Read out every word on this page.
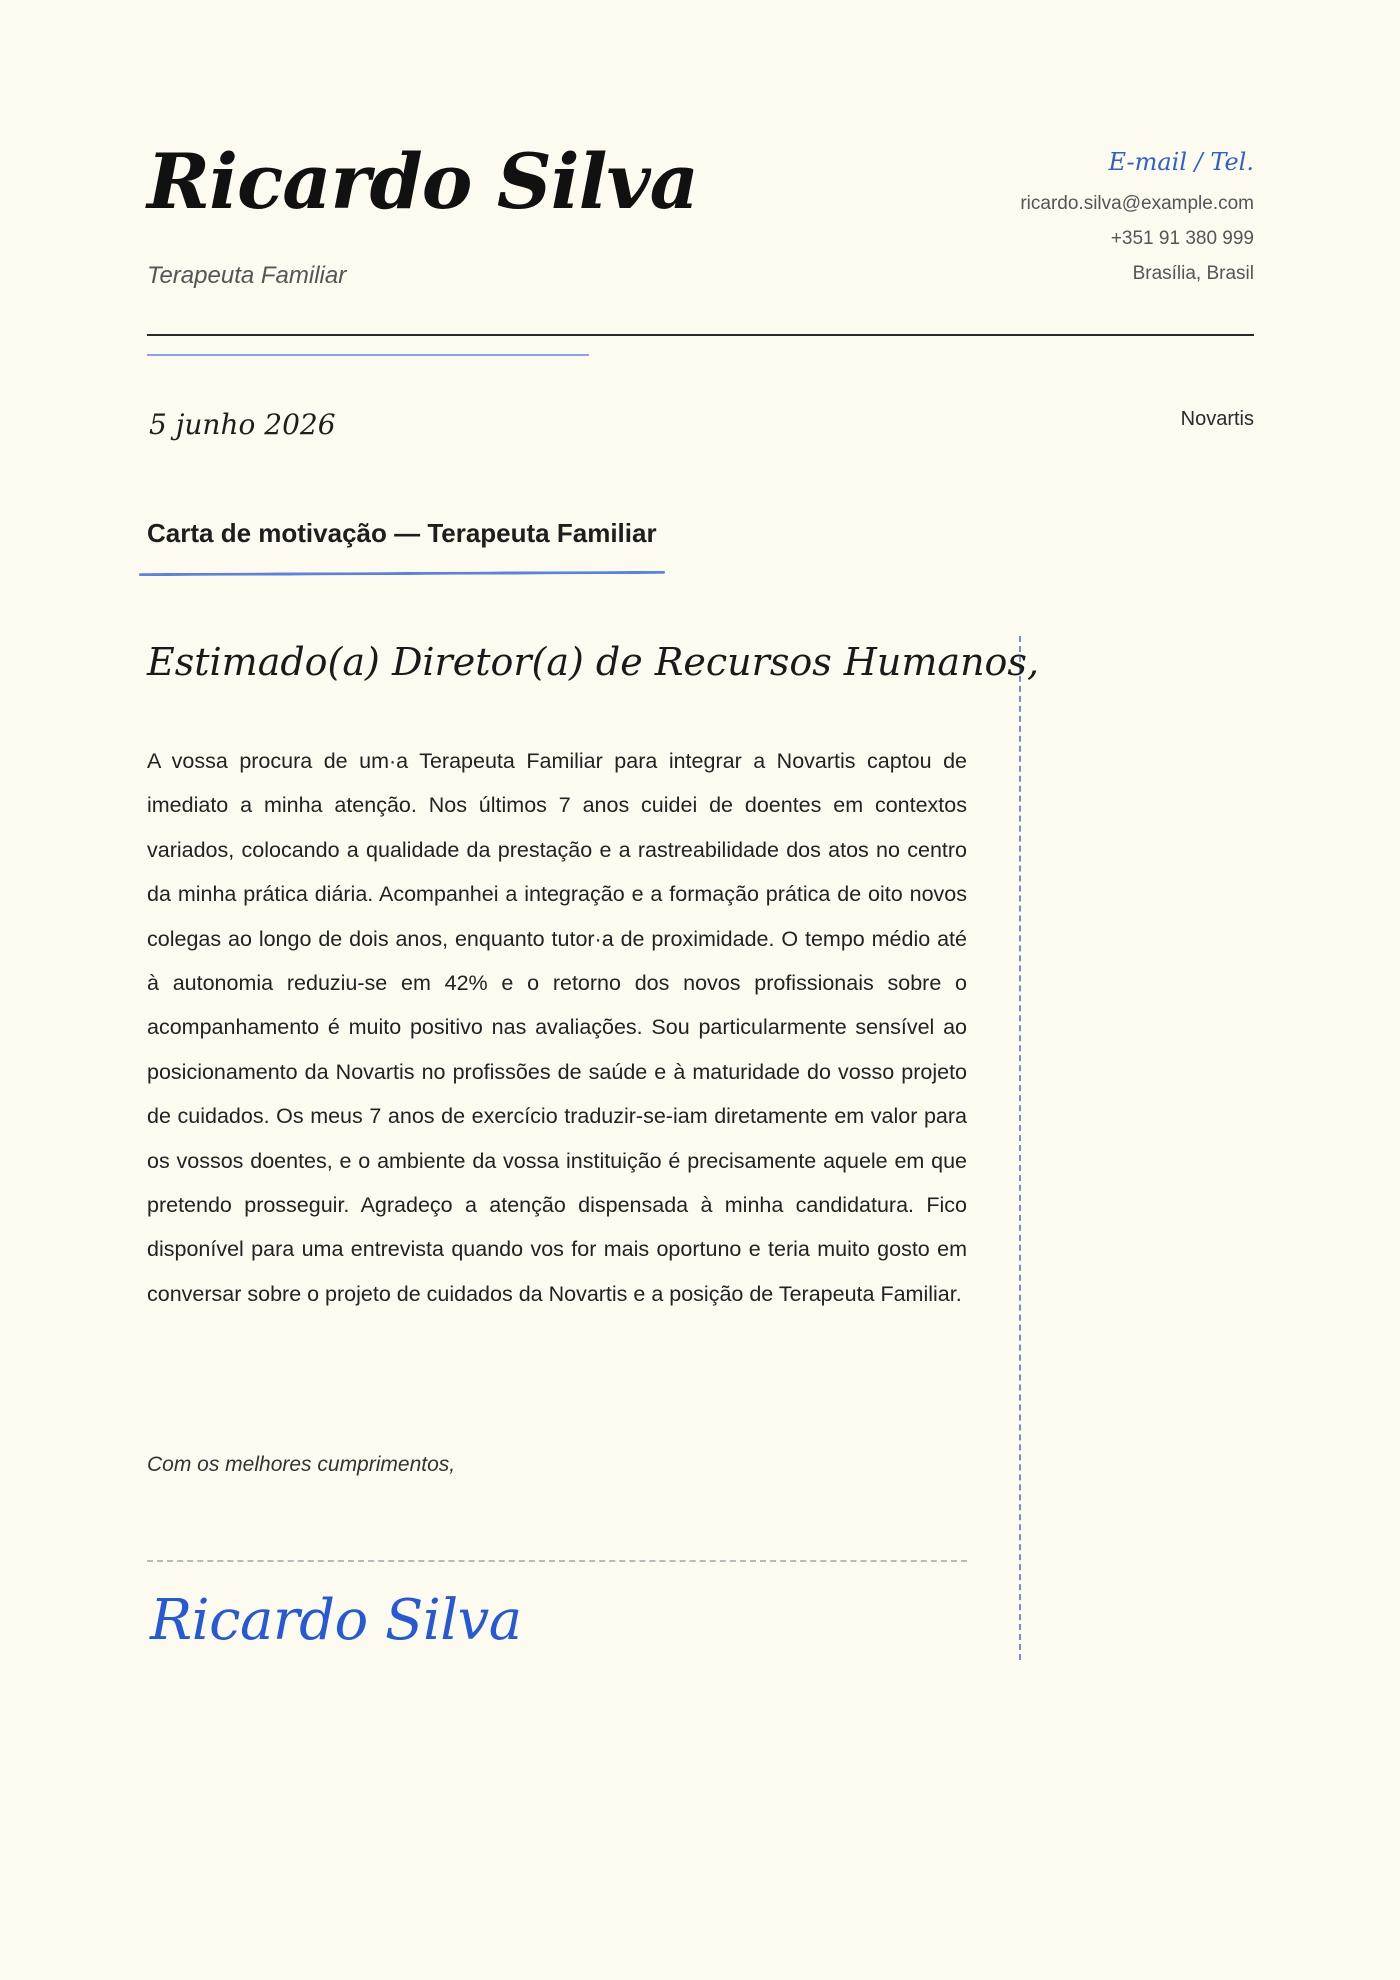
Ricardo Silva
Terapeuta Familiar
E-mail / Tel.
ricardo.silva@example.com
+351 91 380 999
Brasília, Brasil
5 junho 2026	Novartis
Carta de motivação — Terapeuta Familiar
Estimado(a) Diretor(a) de Recursos Humanos,

A vossa procura de um·a Terapeuta Familiar para integrar a Novartis captou de imediato a minha atenção. Nos últimos 7 anos cuidei de doentes em contextos variados, colocando a qualidade da prestação e a rastreabilidade dos atos no centro da minha prática diária. Acompanhei a integração e a formação prática de oito novos colegas ao longo de dois anos, enquanto tutor·a de proximidade. O tempo médio até à autonomia reduziu-se em 42% e o retorno dos novos profissionais sobre o acompanhamento é muito positivo nas avaliações. Sou particularmente sensível ao posicionamento da Novartis no profissões de saúde e à maturidade do vosso projeto de cuidados. Os meus 7 anos de exercício traduzir-se-iam diretamente em valor para os vossos doentes, e o ambiente da vossa instituição é precisamente aquele em que pretendo prosseguir. Agradeço a atenção dispensada à minha candidatura. Fico disponível para uma entrevista quando vos for mais oportuno e teria muito gosto em conversar sobre o projeto de cuidados da Novartis e a posição de Terapeuta Familiar.

Com os melhores cumprimentos,
Ricardo Silva
